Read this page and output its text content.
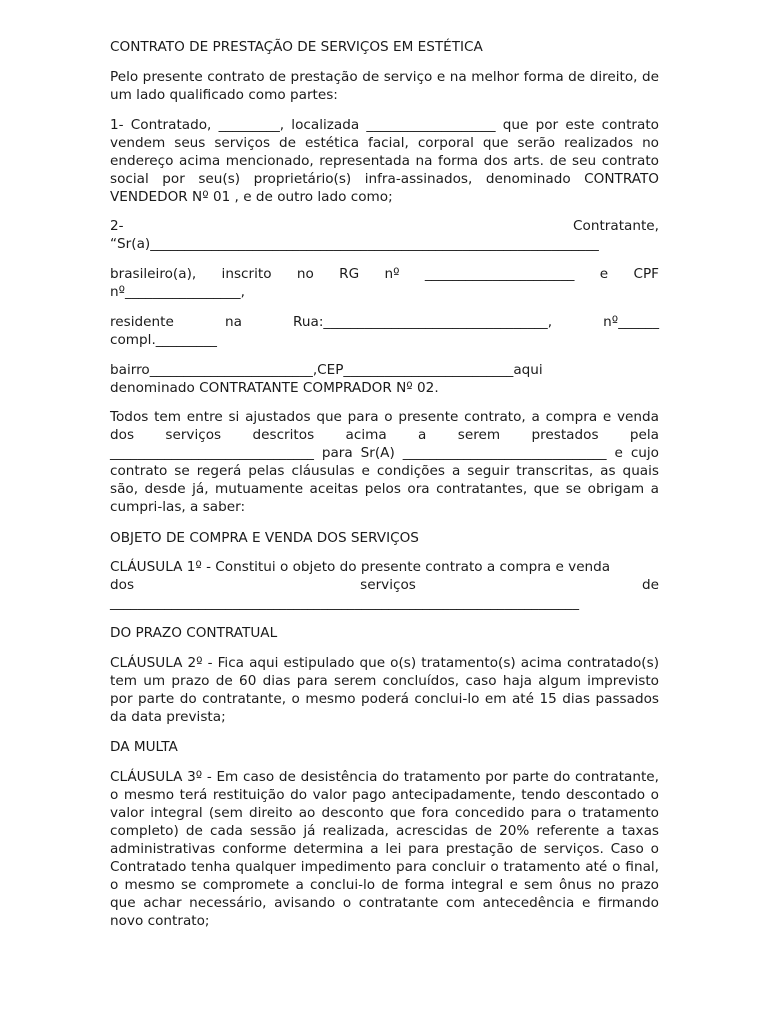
CONTRATO DE PRESTAÇÃO DE SERVIÇOS EM ESTÉTICA

Pelo presente contrato de prestação de serviço e na melhor forma de direito, de um lado qualificado como partes:

1- Contratado, _________, localizada ___________________ que por este contrato vendem seus serviços de estética facial, corporal que serão realizados no endereço acima mencionado, representada na forma dos arts. de seu contrato social por seu(s) proprietário(s) infra-assinados, denominado CONTRATO VENDEDOR Nº 01 , e de outro lado como;

2-	Contratante,
“Sr(a)__________________________________________________________________

brasileiro(a), inscrito no RG nº ______________________ e CPF
nº_________________,

residente na Rua:_________________________________, nº______
compl._________

bairro________________________,CEP_________________________aqui
denominado CONTRATANTE COMPRADOR Nº 02.

Todos tem entre si ajustados que para o presente contrato, a compra e venda dos serviços descritos acima a serem prestados pela ______________________________ para Sr(A) ______________________________ e cujo contrato se regerá pelas cláusulas e condições a seguir transcritas, as quais são, desde já, mutuamente aceitas pelos ora contratantes, que se obrigam a cumpri-las, a saber:

OBJETO DE COMPRA E VENDA DOS SERVIÇOS

CLÁUSULA 1º - Constitui o objeto do presente contrato a compra e venda
dos serviços de
_____________________________________________________________________

DO PRAZO CONTRATUAL

CLÁUSULA 2º - Fica aqui estipulado que o(s) tratamento(s) acima contratado(s) tem um prazo de 60 dias para serem concluídos, caso haja algum imprevisto por parte do contratante, o mesmo poderá conclui-lo em até 15 dias passados da data prevista;

DA MULTA

CLÁUSULA 3º - Em caso de desistência do tratamento por parte do contratante, o mesmo terá restituição do valor pago antecipadamente, tendo descontado o valor integral (sem direito ao desconto que fora concedido para o tratamento completo) de cada sessão já realizada, acrescidas de 20% referente a taxas administrativas conforme determina a lei para prestação de serviços. Caso o Contratado tenha qualquer impedimento para concluir o tratamento até o final, o mesmo se compromete a conclui-lo de forma integral e sem ônus no prazo que achar necessário, avisando o contratante com antecedência e firmando novo contrato;
